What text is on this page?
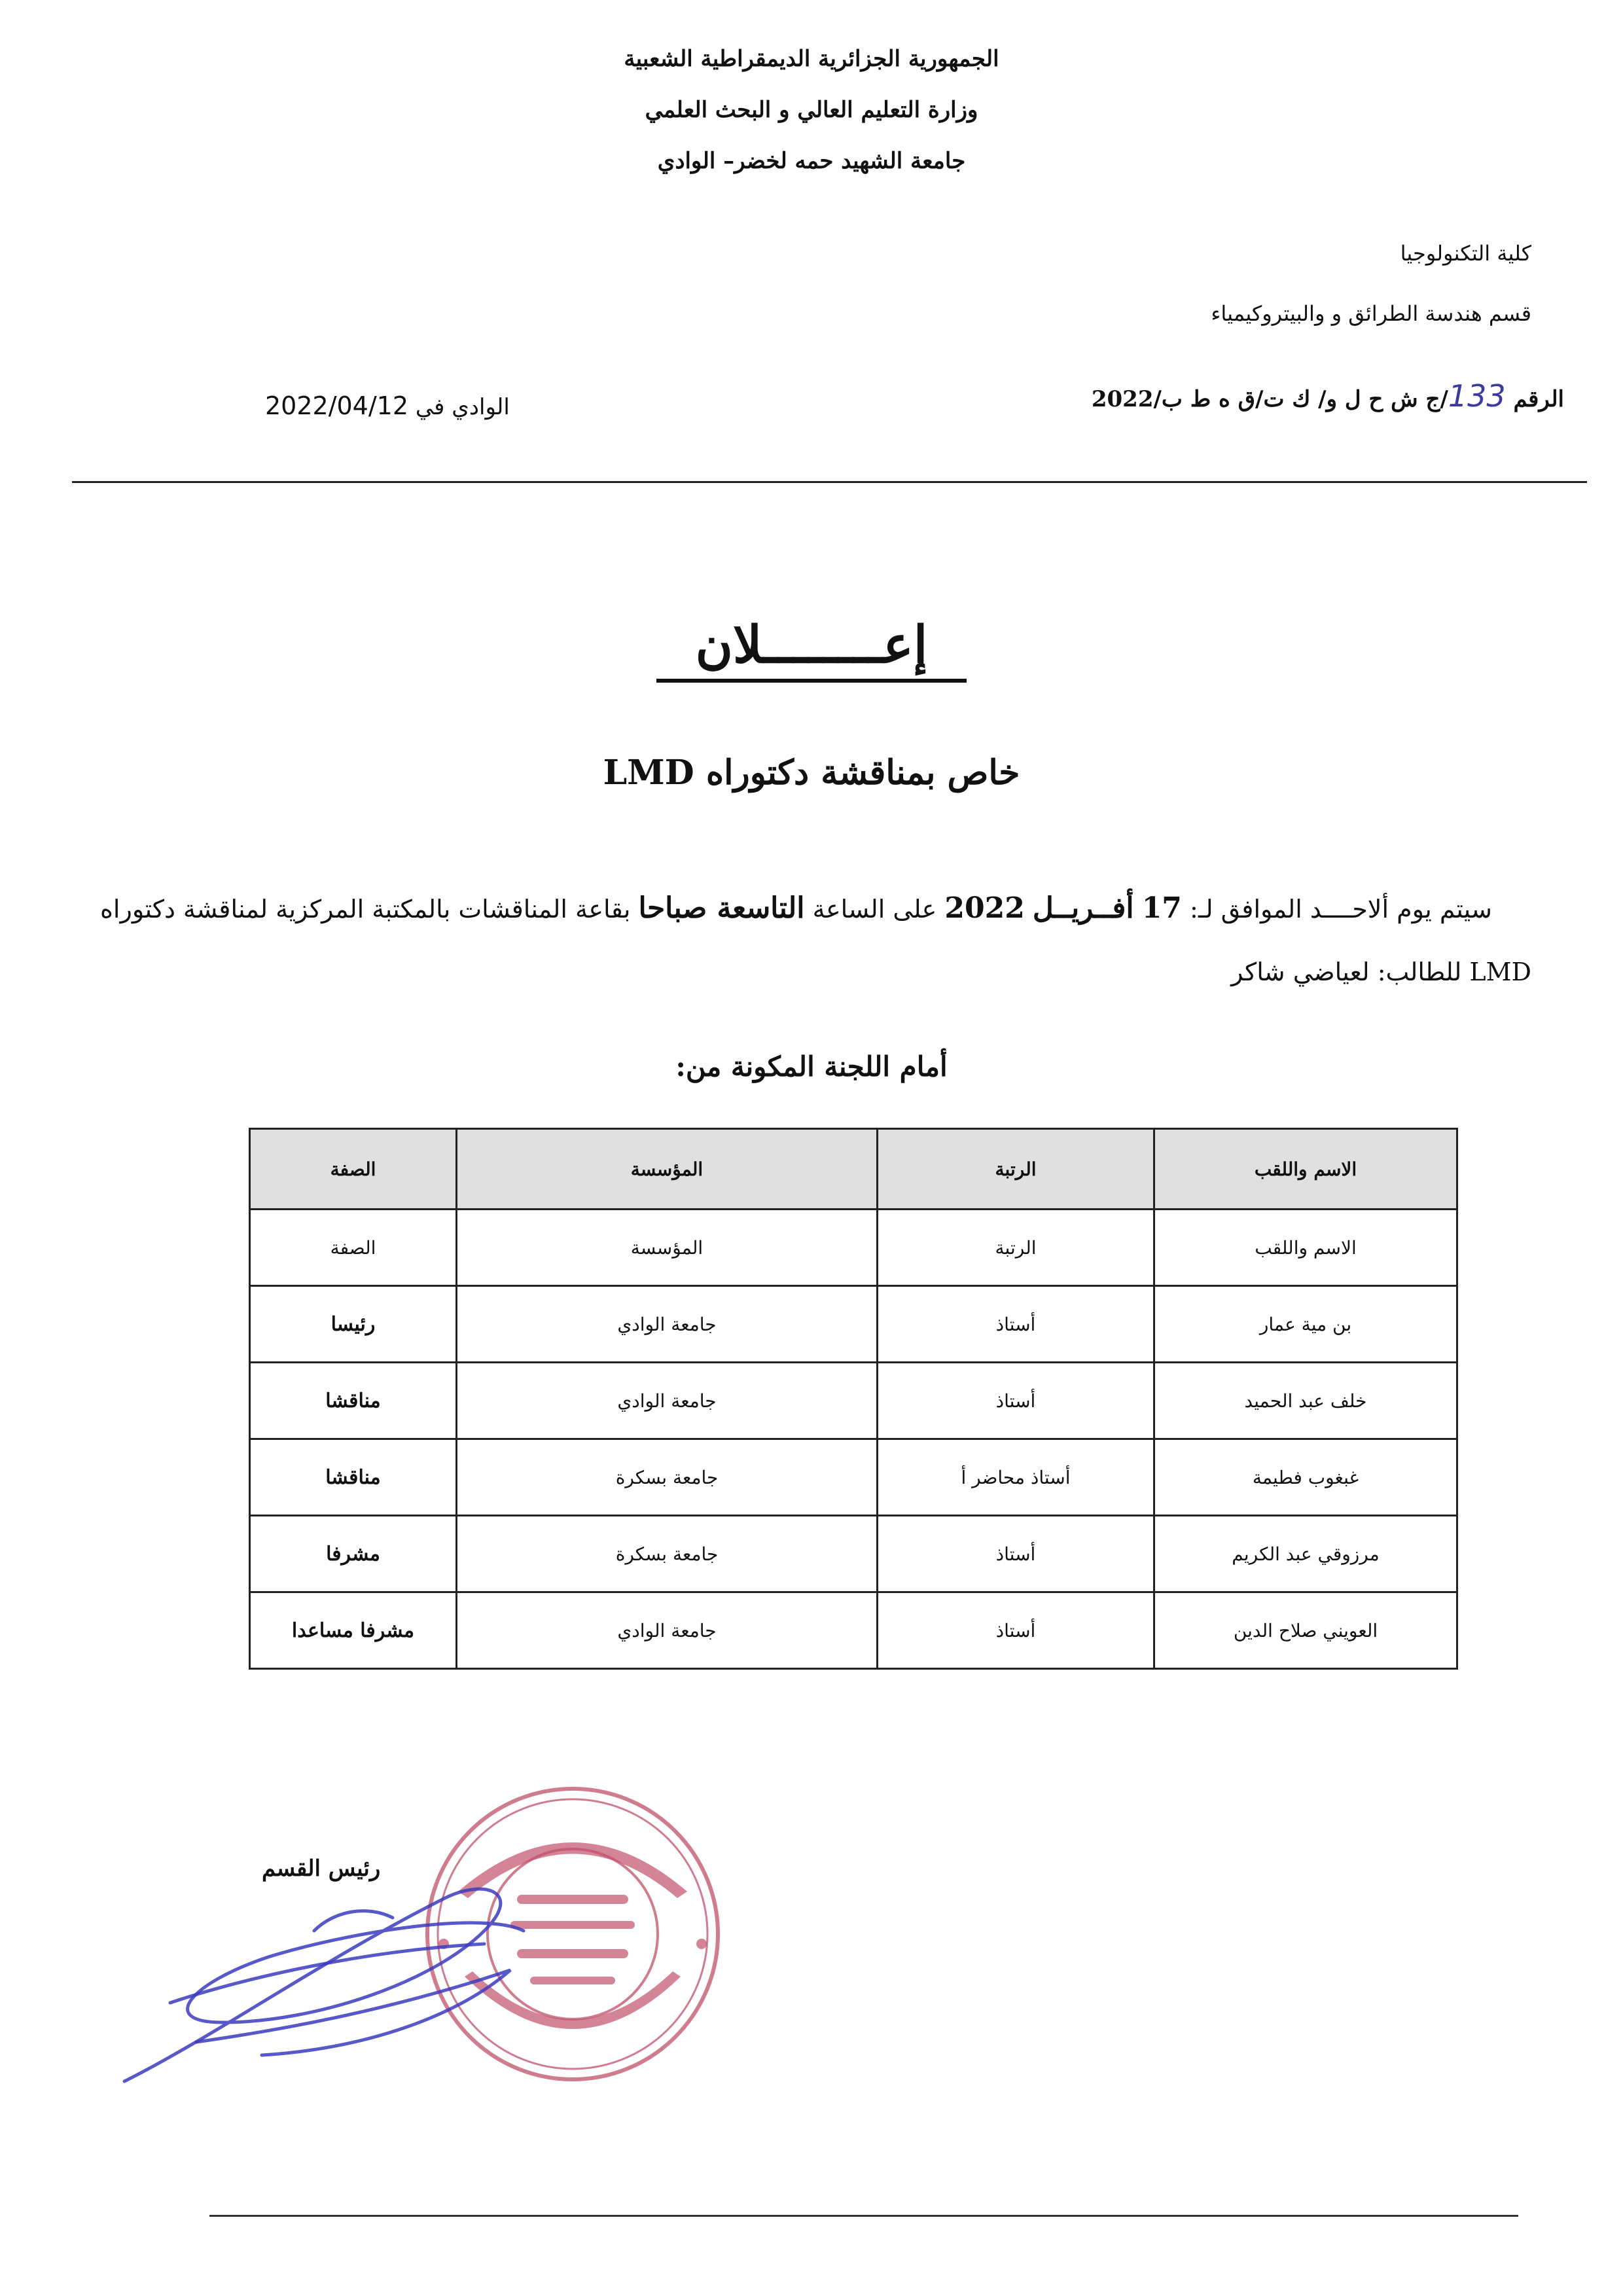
الجمهورية الجزائرية الديمقراطية الشعبية
وزارة التعليم العالي و البحث العلمي
جامعة الشهيد حمه لخضر– الوادي
كلية التكنولوجيا
قسم هندسة الطرائق و والبيتروكيمياء
الرقم 133/ج ش ح ل و/ ك ت/ق ه ط ب/2022
الوادي في 2022/04/12
إعــــــــلان
خاص بمناقشة دكتوراه LMD
سيتم يوم ألاحــــد الموافق لـ: 17 أفــريــل 2022 على الساعة التاسعة صباحا بقاعة المناقشات بالمكتبة المركزية لمناقشة دكتوراه LMD للطالب: لعياضي شاكر
أمام اللجنة المكونة من:
الاسم واللقب	الرتبة	المؤسسة	الصفة
الاسم واللقب	الرتبة	المؤسسة	الصفة
بن مية عمار	أستاذ	جامعة الوادي	رئيسا
خلف عبد الحميد	أستاذ	جامعة الوادي	مناقشا
غبغوب فطيمة	أستاذ محاضر أ	جامعة بسكرة	مناقشا
مرزوقي عبد الكريم	أستاذ	جامعة بسكرة	مشرفا
العويني صلاح الدين	أستاذ	جامعة الوادي	مشرفا مساعدا
رئيس القسم
